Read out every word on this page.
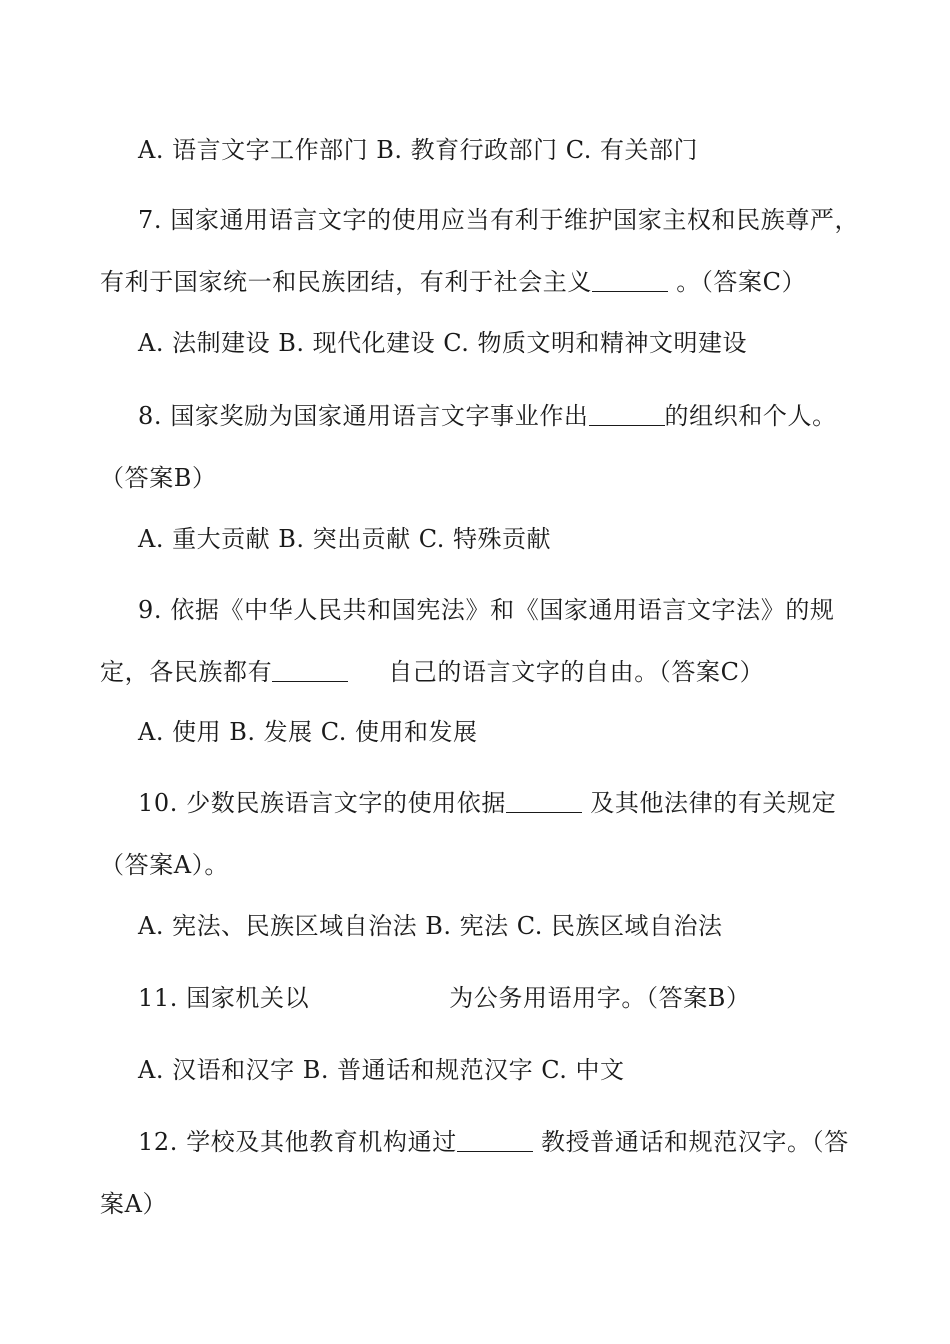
A. 语言文字工作部门 B. 教育行政部门 C. 有关部门
7. 国家通用语言文字的使用应当有利于维护国家主权和民族尊严，有利于国家统一和民族团结，有利于社会主义	。（答案C）
A. 法制建设 B. 现代化建设 C. 物质文明和精神文明建设
8. 国家奖励为国家通用语言文字事业作出	的组织和个人。（答案B）
A. 重大贡献 B. 突出贡献 C. 特殊贡献
9. 依据《中华人民共和国宪法》和《国家通用语言文字法》的规定，各民族都有	自己的语言文字的自由。（答案C）
A. 使用 B. 发展 C. 使用和发展
10. 少数民族语言文字的使用依据	及其他法律的有关规定（答案A）。
A. 宪法、民族区域自治法 B. 宪法 C. 民族区域自治法
11. 国家机关以	为公务用语用字。（答案B）
A. 汉语和汉字 B. 普通话和规范汉字 C. 中文
12. 学校及其他教育机构通过	教授普通话和规范汉字。（答案A）
